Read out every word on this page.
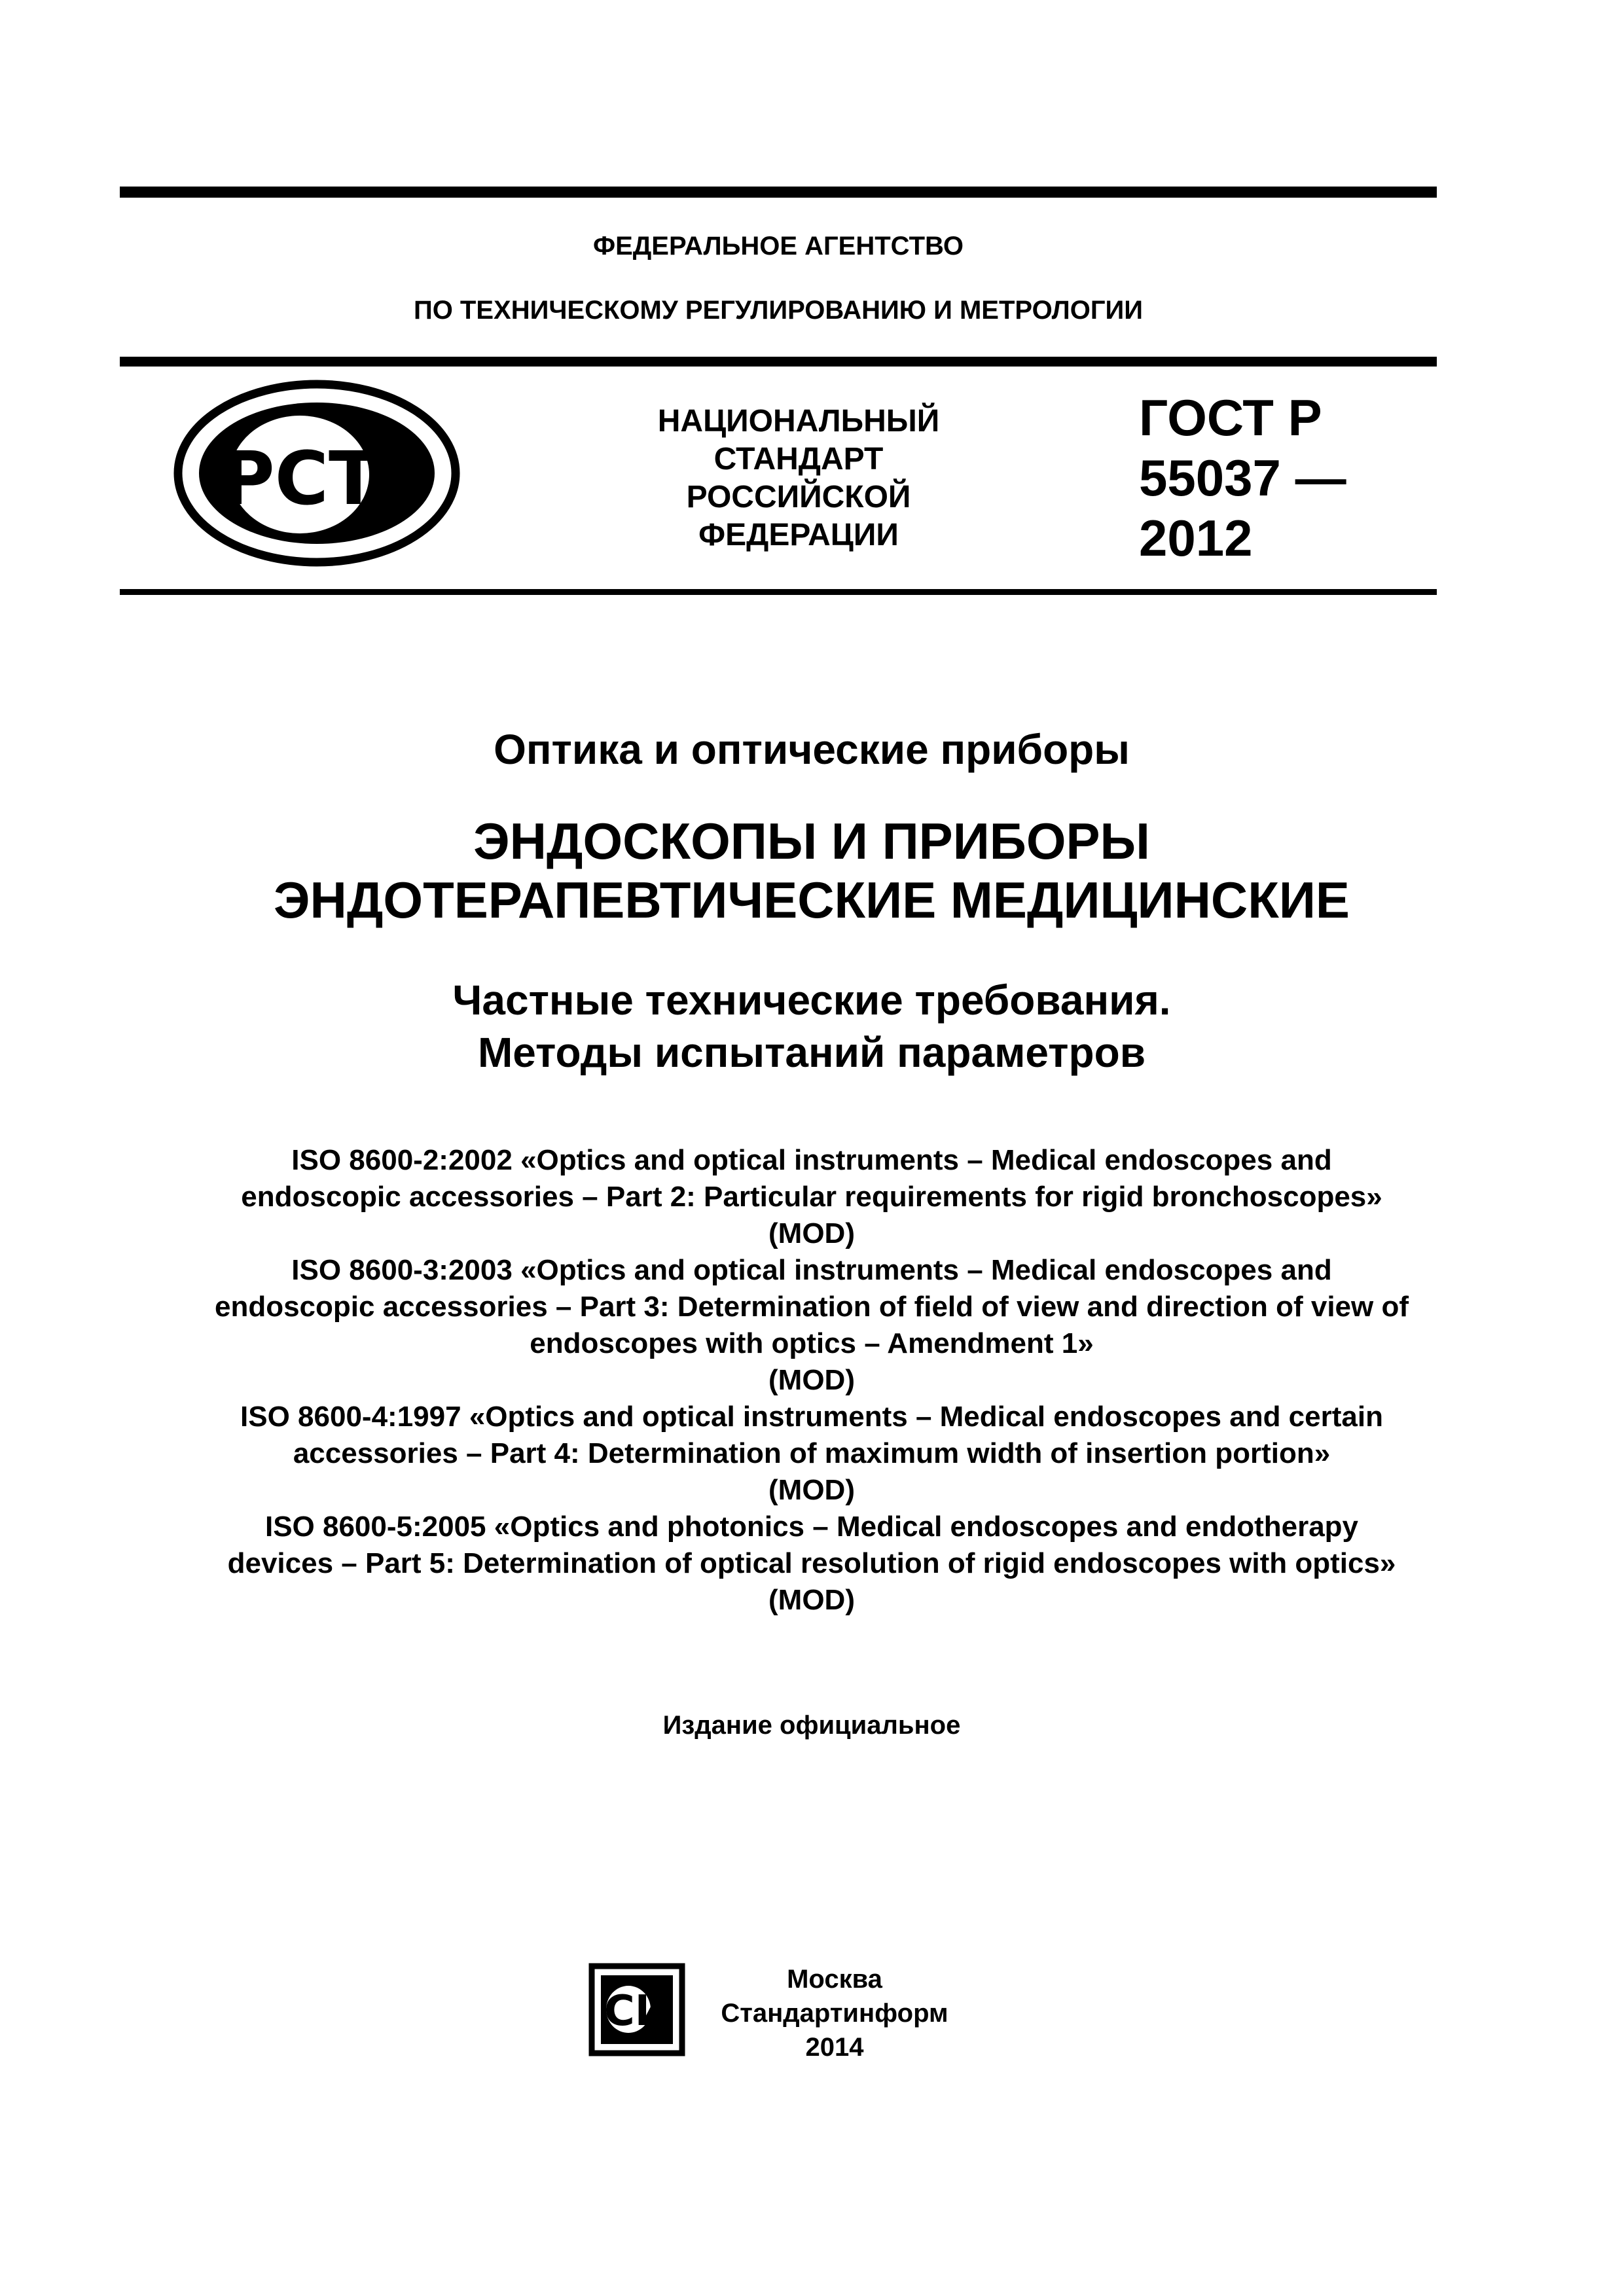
ФЕДЕРАЛЬНОЕ АГЕНТСТВО
ПО ТЕХНИЧЕСКОМУ РЕГУЛИРОВАНИЮ И МЕТРОЛОГИИ
РСТ
НАЦИОНАЛЬНЫЙ
СТАНДАРТ
РОССИЙСКОЙ
ФЕДЕРАЦИИ
ГОСТ Р
55037 —
2012
Оптика и оптические приборы
ЭНДОСКОПЫ И ПРИБОРЫ
ЭНДОТЕРАПЕВТИЧЕСКИЕ МЕДИЦИНСКИЕ
Частные технические требования.
Методы испытаний параметров
ISO 8600-2:2002 «Optics and optical instruments – Medical endoscopes and
endoscopic accessories – Part 2: Particular requirements for rigid bronchoscopes»
(MOD)
ISO 8600-3:2003 «Optics and optical instruments – Medical endoscopes and
endoscopic accessories – Part 3: Determination of field of view and direction of view of
endoscopes with optics – Amendment 1»
(MOD)
ISO 8600-4:1997 «Optics and optical instruments – Medical endoscopes and certain
accessories – Part 4: Determination of maximum width of insertion portion»
(MOD)
ISO 8600-5:2005 «Optics and photonics – Medical endoscopes and endotherapy
devices – Part 5: Determination of optical resolution of rigid endoscopes with optics»
(MOD)
Издание официальное
СИ
Москва
Стандартинформ
2014
